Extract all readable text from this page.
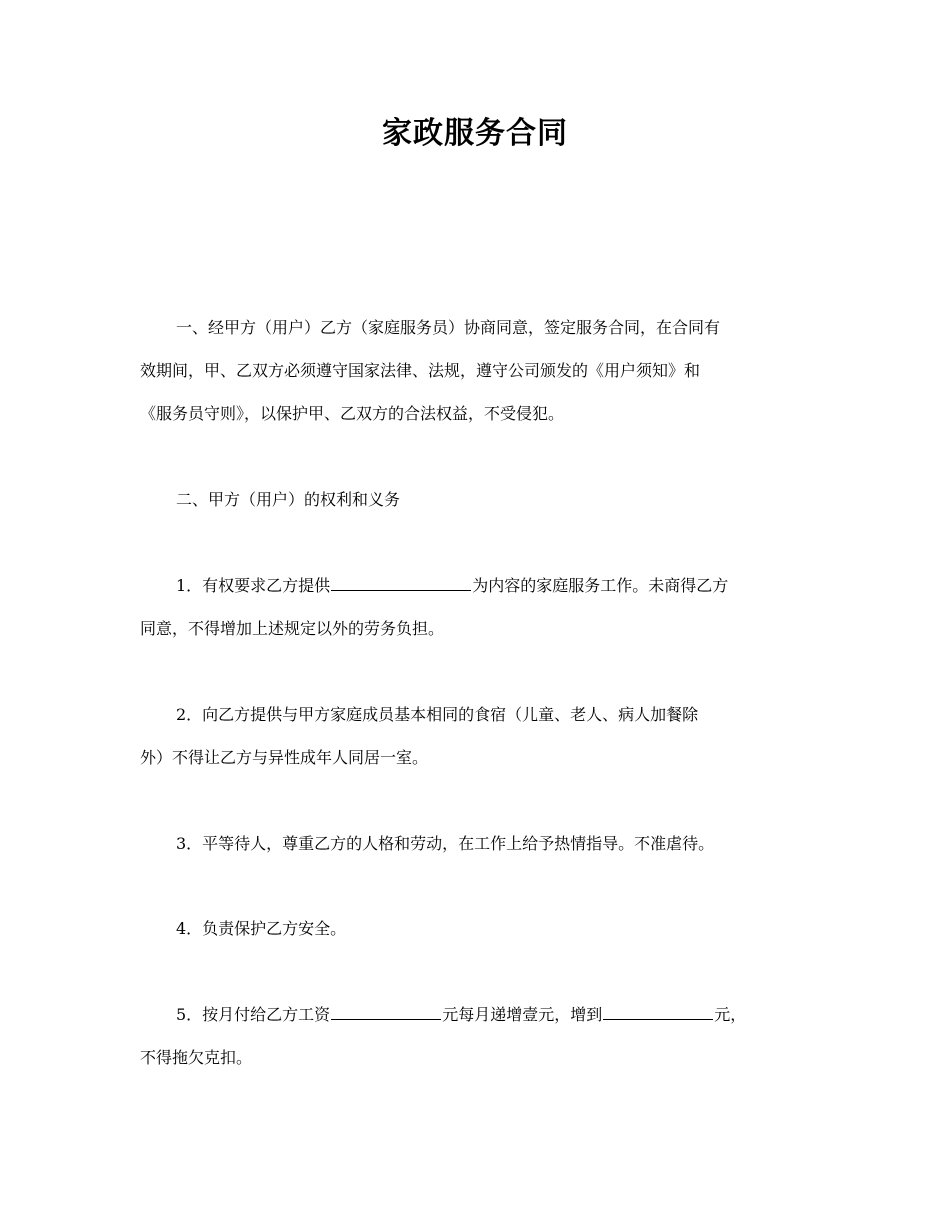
家政服务合同
一、经甲方（用户）乙方（家庭服务员）协商同意，签定服务合同，在合同有
效期间，甲、乙双方必须遵守国家法律、法规，遵守公司颁发的《用户须知》和
《服务员守则》，以保护甲、乙双方的合法权益，不受侵犯。
二、甲方（用户）的权利和义务
1．有权要求乙方提供	为内容的家庭服务工作。未商得乙方
同意，不得增加上述规定以外的劳务负担。
2．向乙方提供与甲方家庭成员基本相同的食宿（儿童、老人、病人加餐除
外）不得让乙方与异性成年人同居一室。
3．平等待人，尊重乙方的人格和劳动，在工作上给予热情指导。不准虐待。
4．负责保护乙方安全。
5．按月付给乙方工资	元每月递增壹元，增到	元，
不得拖欠克扣。
